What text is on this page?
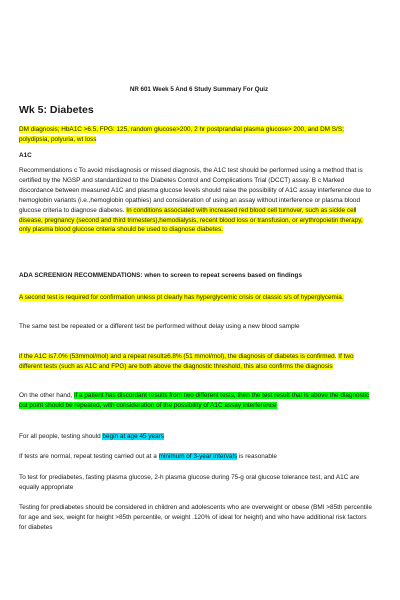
NR 601 Week 5 And 6 Study Summary For Quiz
Wk 5: Diabetes
DM diagnosis; HbA1C >6.5, FPG: 125, random glucose>200, 2 hr postprandial plasma glucose> 200, and DM S/S; polydipsia, polyuria, wt loss
A1C
Recommendations c To avoid misdiagnosis or missed diagnosis, the A1C test should be performed using a method that is certified by the NGSP and standardized to the Diabetes Control and Complications Trial (DCCT) assay. B c Marked discordance between measured A1C and plasma glucose levels should raise the possibility of A1C assay interference due to hemoglobin variants (i.e.,hemoglobin opathies) and consideration of using an assay without interference or plasma blood glucose criteria to diagnose diabetes. In conditions associated with increased red blood cell turnover, such as sickle cell disease, pregnancy (second and third trimesters),hemodialysis, recent blood loss or transfusion, or erythropoietin therapy, only plasma blood glucose criteria should be used to diagnose diabetes.
ADA SCREENIGN RECOMMENDATIONS: when to screen to repeat screens based on findings
A second test is required for confirmation unless pt clearly has hyperglycemic crisis or classic s/s of hyperglycemia.
The same test be repeated or a different test be performed without delay using a new blood sample
if the A1C is7.0% (53mmol/mol) and a repeat result≥6.8% (51 mmol/mol), the diagnosis of diabetes is confirmed. If two different tests (such as A1C and FPG) are both above the diagnostic threshold, this also confirms the diagnosis
On the other hand, if a patient has discordant results from two different tests, then the test result that is above the diagnostic cut point should be repeated, with consideration of the possibility of A1C assay interference
For all people, testing should begin at age 45 years
If tests are normal, repeat testing carried out at a minimum of 3-year intervals is reasonable
To test for prediabetes, fasting plasma glucose, 2-h plasma glucose during 75-g oral glucose tolerance test, and A1C are equally appropriate
Testing for prediabetes should be considered in children and adolescents who are overweight or obese (BMI >85th percentile for age and sex, weight for height >85th percentile, or weight .120% of ideal for height) and who have additional risk factors for diabetes
